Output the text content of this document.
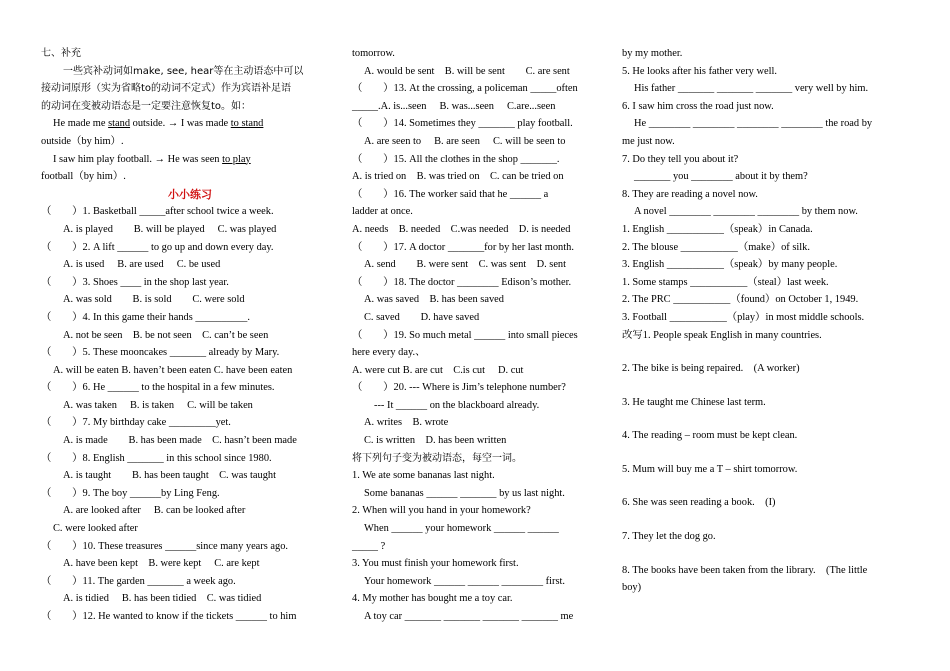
七、补充
一些宾补动词如make, see, hear等在主动语态中可以
接动词原形（实为省略to的动词不定式）作为宾语补足语
的动词在变被动语态是一定要注意恢复to。如：
He made me stand outside. → I was made to stand
outside（by him）.
I saw him play football. → He was seen to play
football（by him）.
小小练习
（　　）1. Basketball _____after school twice a week.
A. is played　　B. will be played　 C. was played
（　　）2. A lift ______ to go up and down every day.
A. is used　 B. are used　 C. be used
（　　）3. Shoes ____ in the shop last year.
A. was sold　　B. is sold　　C. were sold
（　　）4. In this game their hands __________.
A. not be seen　B. be not seen　C. can’t be seen
（　　）5. These mooncakes _______ already by Mary.
A. will be eaten B. haven’t been eaten C. have been eaten
（　　）6. He ______ to the hospital in a few minutes.
A. was taken　 B. is taken　 C. will be taken
（　　）7. My birthday cake _________yet.
A. is made　　B. has been made　C. hasn’t been made
（　　）8. English _______ in this school since 1980.
A. is taught　　B. has been taught　C. was taught
（　　）9. The boy ______by Ling Feng.
A. are looked after　 B. can be looked after
C. were looked after
（　　）10. These treasures ______since many years ago.
A. have been kept　B. were kept　 C. are kept
（　　）11. The garden _______ a week ago.
A. is tidied　 B. has been tidied　C. was tidied
（　　）12. He wanted to know if the tickets ______ to him
tomorrow.
A. would be sent　B. will be sent　　C. are sent
（　　）13. At the crossing, a policeman _____often
_____.A. is...seen　 B. was...seen　 C.are...seen
（　　）14. Sometimes they _______ play football.
A. are seen to　 B. are seen　 C. will be seen to
（　　）15. All the clothes in the shop _______.
A. is tried on　B. was tried on　C. can be tried on
（　　）16. The worker said that he ______ a
ladder at once.
A. needs　B. needed　C.was needed　D. is needed
（　　）17. A doctor _______for by her last month.
A. send　　B. were sent　C. was sent　D. sent
（　　）18. The doctor ________ Edison’s mother.
A. was saved　B. has been saved
C. saved　　D. have saved
（　　）19. So much metal ______ into small pieces
here every day.、
A. were cut B. are cut　C.is cut　 D. cut
（　　）20. --- Where is Jim’s telephone number?
--- It ______ on the blackboard already.
A. writes　B. wrote
C. is written　D. has been written
将下列句子变为被动语态，每空一词。
1. We ate some bananas last night.
Some bananas ______ _______ by us last night.
2. When will you hand in your homework?
When ______ your homework ______ ______
_____ ?
3. You must finish your homework first.
Your homework ______ ______ ________ first.
4. My mother has bought me a toy car.
A toy car _______ _______ _______ _______ me
by my mother.
5. He looks after his father very well.
His father _______ _______ _______ very well by him.
6. I saw him cross the road just now.
He ________ ________ ________ ________ the road by
me just now.
7. Do they tell you about it?
_______ you ________ about it by them?
8. They are reading a novel now.
A novel ________ ________ ________ by them now.
1. English ___________（speak）in Canada.
2. The blouse ___________（make）of silk.
3. English ___________（speak）by many people.
1. Some stamps ___________（steal）last week.
2. The PRC ___________（found）on October 1, 1949.
3. Football ___________（play）in most middle schools.
改写1. People speak English in many countries.
2. The bike is being repaired.　(A worker)
3. He taught me Chinese last term.
4. The reading – room must be kept clean.
5. Mum will buy me a T – shirt tomorrow.
6. She was seen reading a book.　(I)
7. They let the dog go.
8. The books have been taken from the library.　(The little
boy)
